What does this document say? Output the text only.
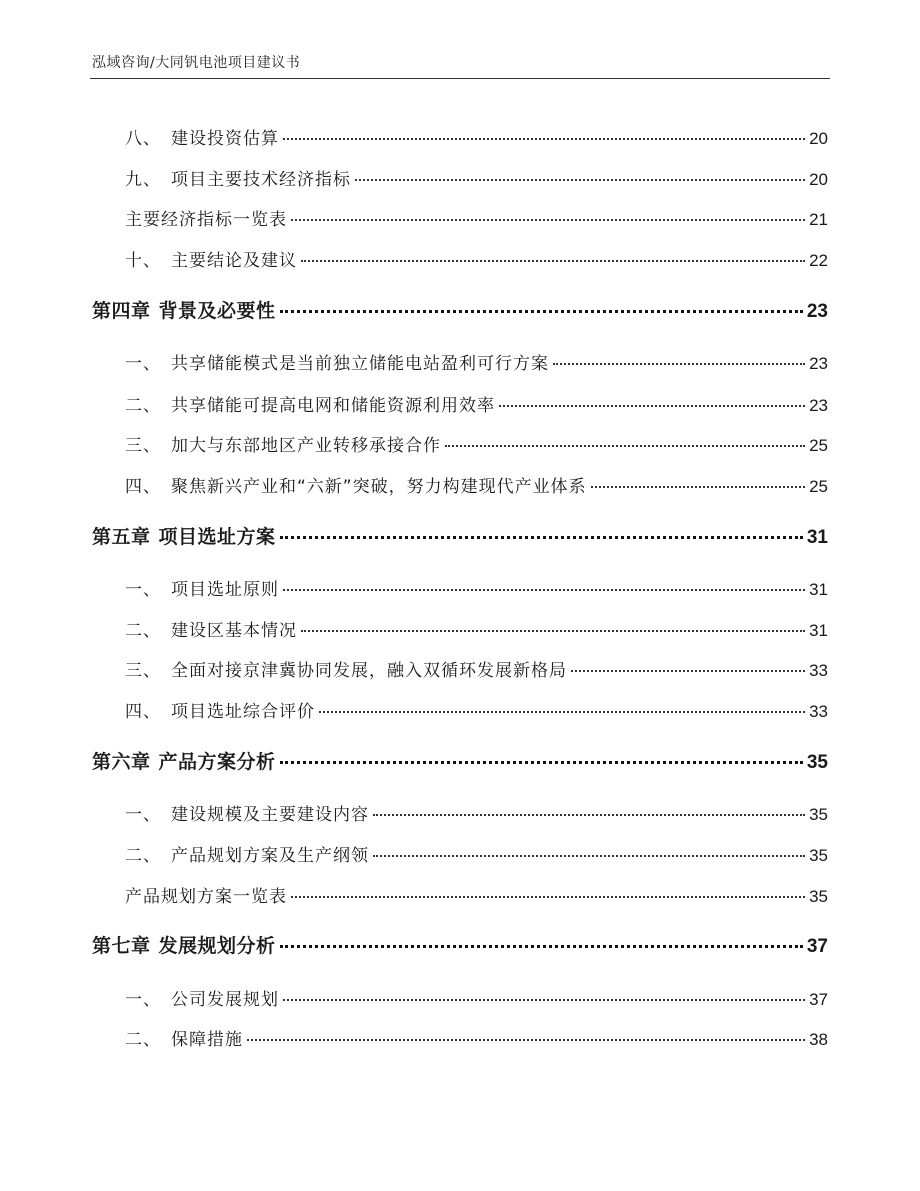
泓域咨询/大同钒电池项目建议书
八、 建设投资估算	20
九、 项目主要技术经济指标	20
主要经济指标一览表	21
十、 主要结论及建议	22
第四章 背景及必要性	23
一、 共享储能模式是当前独立储能电站盈利可行方案	23
二、 共享储能可提高电网和储能资源利用效率	23
三、 加大与东部地区产业转移承接合作	25
四、 聚焦新兴产业和“六新”突破，努力构建现代产业体系	25
第五章 项目选址方案	31
一、 项目选址原则	31
二、 建设区基本情况	31
三、 全面对接京津冀协同发展，融入双循环发展新格局	33
四、 项目选址综合评价	33
第六章 产品方案分析	35
一、 建设规模及主要建设内容	35
二、 产品规划方案及生产纲领	35
产品规划方案一览表	35
第七章 发展规划分析	37
一、 公司发展规划	37
二、 保障措施	38
